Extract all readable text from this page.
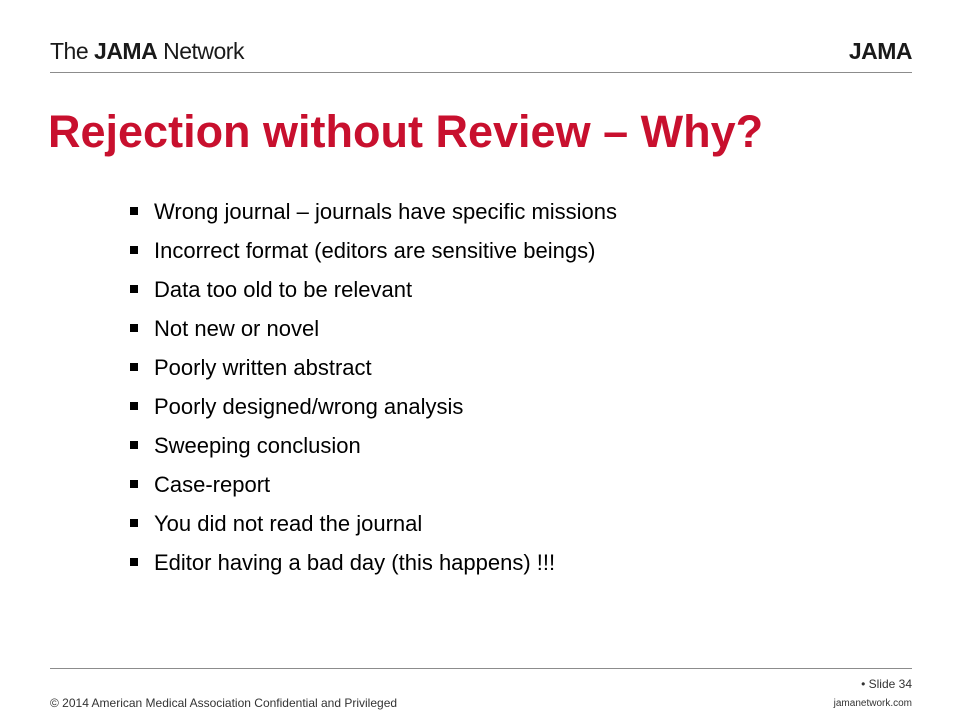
The JAMA Network	JAMA
Rejection without Review – Why?
Wrong journal – journals have specific missions
Incorrect format (editors are sensitive beings)
Data too old to be relevant
Not new or novel
Poorly written abstract
Poorly designed/wrong analysis
Sweeping conclusion
Case-report
You did not read the journal
Editor having a bad day (this happens) !!!
• Slide 34
© 2014 American Medical Association Confidential and Privileged	jamanetwork.com
